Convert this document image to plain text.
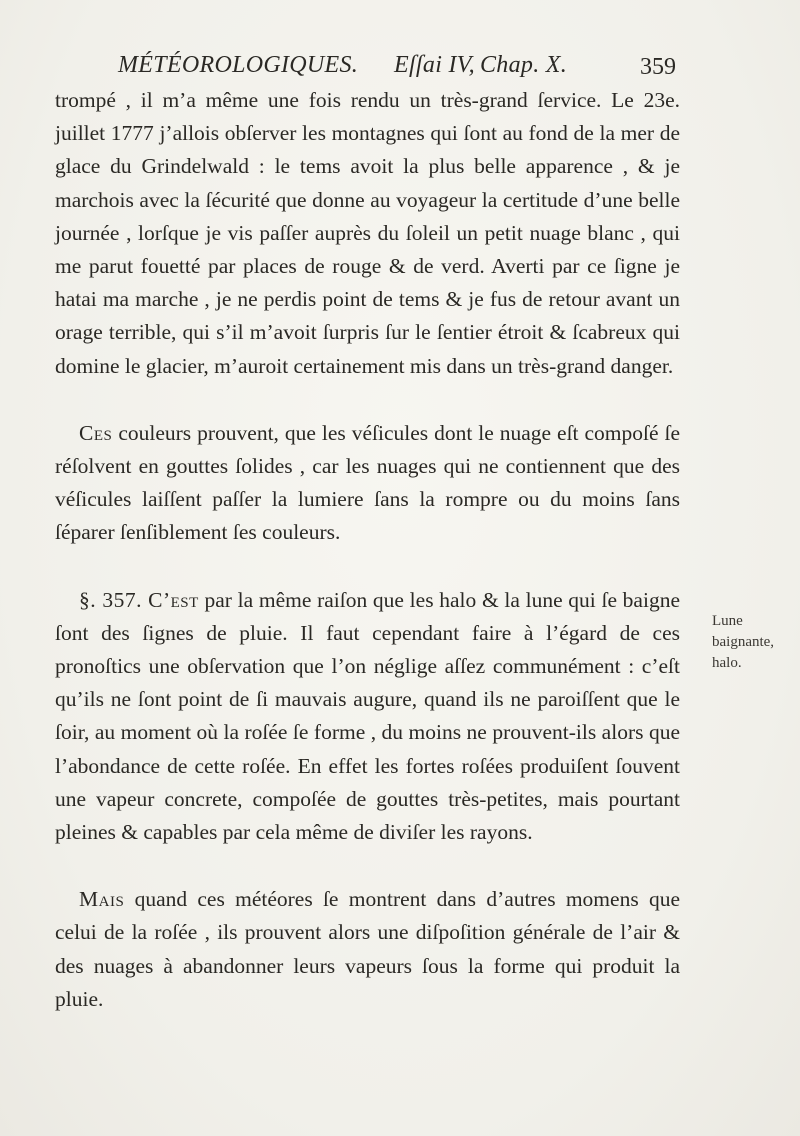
MÉTÉOROLOGIQUES. Eſſai IV, Chap. X.	359

trompé , il m’a même une fois rendu un très-grand ſervice. Le 23e. juillet 1777 j’allois obſerver les montagnes qui ſont au fond de la mer de glace du Grindelwald : le tems avoit la plus belle apparence , & je marchois avec la ſécurité que donne au voyageur la certitude d’une belle journée , lorſque je vis paſſer auprès du ſoleil un petit nuage blanc , qui me parut fouetté par places de rouge & de verd. Averti par ce ſigne je hatai ma marche , je ne perdis point de tems & je fus de retour avant un orage terrible, qui s’il m’avoit ſurpris ſur le ſentier étroit & ſcabreux qui domine le glacier, m’auroit certainement mis dans un très-grand danger.

Ces couleurs prouvent, que les véſicules dont le nuage eſt compoſé ſe réſolvent en gouttes ſolides , car les nuages qui ne contiennent que des véſicules laiſſent paſſer la lumiere ſans la rompre ou du moins ſans ſéparer ſenſiblement ſes couleurs.

§. 357. C’est par la même raiſon que les halo & la lune qui ſe baigne ſont des ſignes de pluie. Il faut cependant faire à l’égard de ces pronoſtics une obſervation que l’on néglige aſſez communément : c’eſt qu’ils ne ſont point de ſi mauvais augure, quand ils ne paroiſſent que le ſoir, au moment où la roſée ſe forme , du moins ne prouvent-ils alors que l’abondance de cette roſée. En effet les fortes roſées produiſent ſouvent une vapeur concrete, compoſée de gouttes très-petites, mais pourtant pleines & capables par cela même de diviſer les rayons.

Mais quand ces météores ſe montrent dans d’autres momens que celui de la roſée , ils prouvent alors une diſpoſition générale de l’air & des nuages à abandonner leurs vapeurs ſous la forme qui produit la pluie.

Lune baignante, halo.
